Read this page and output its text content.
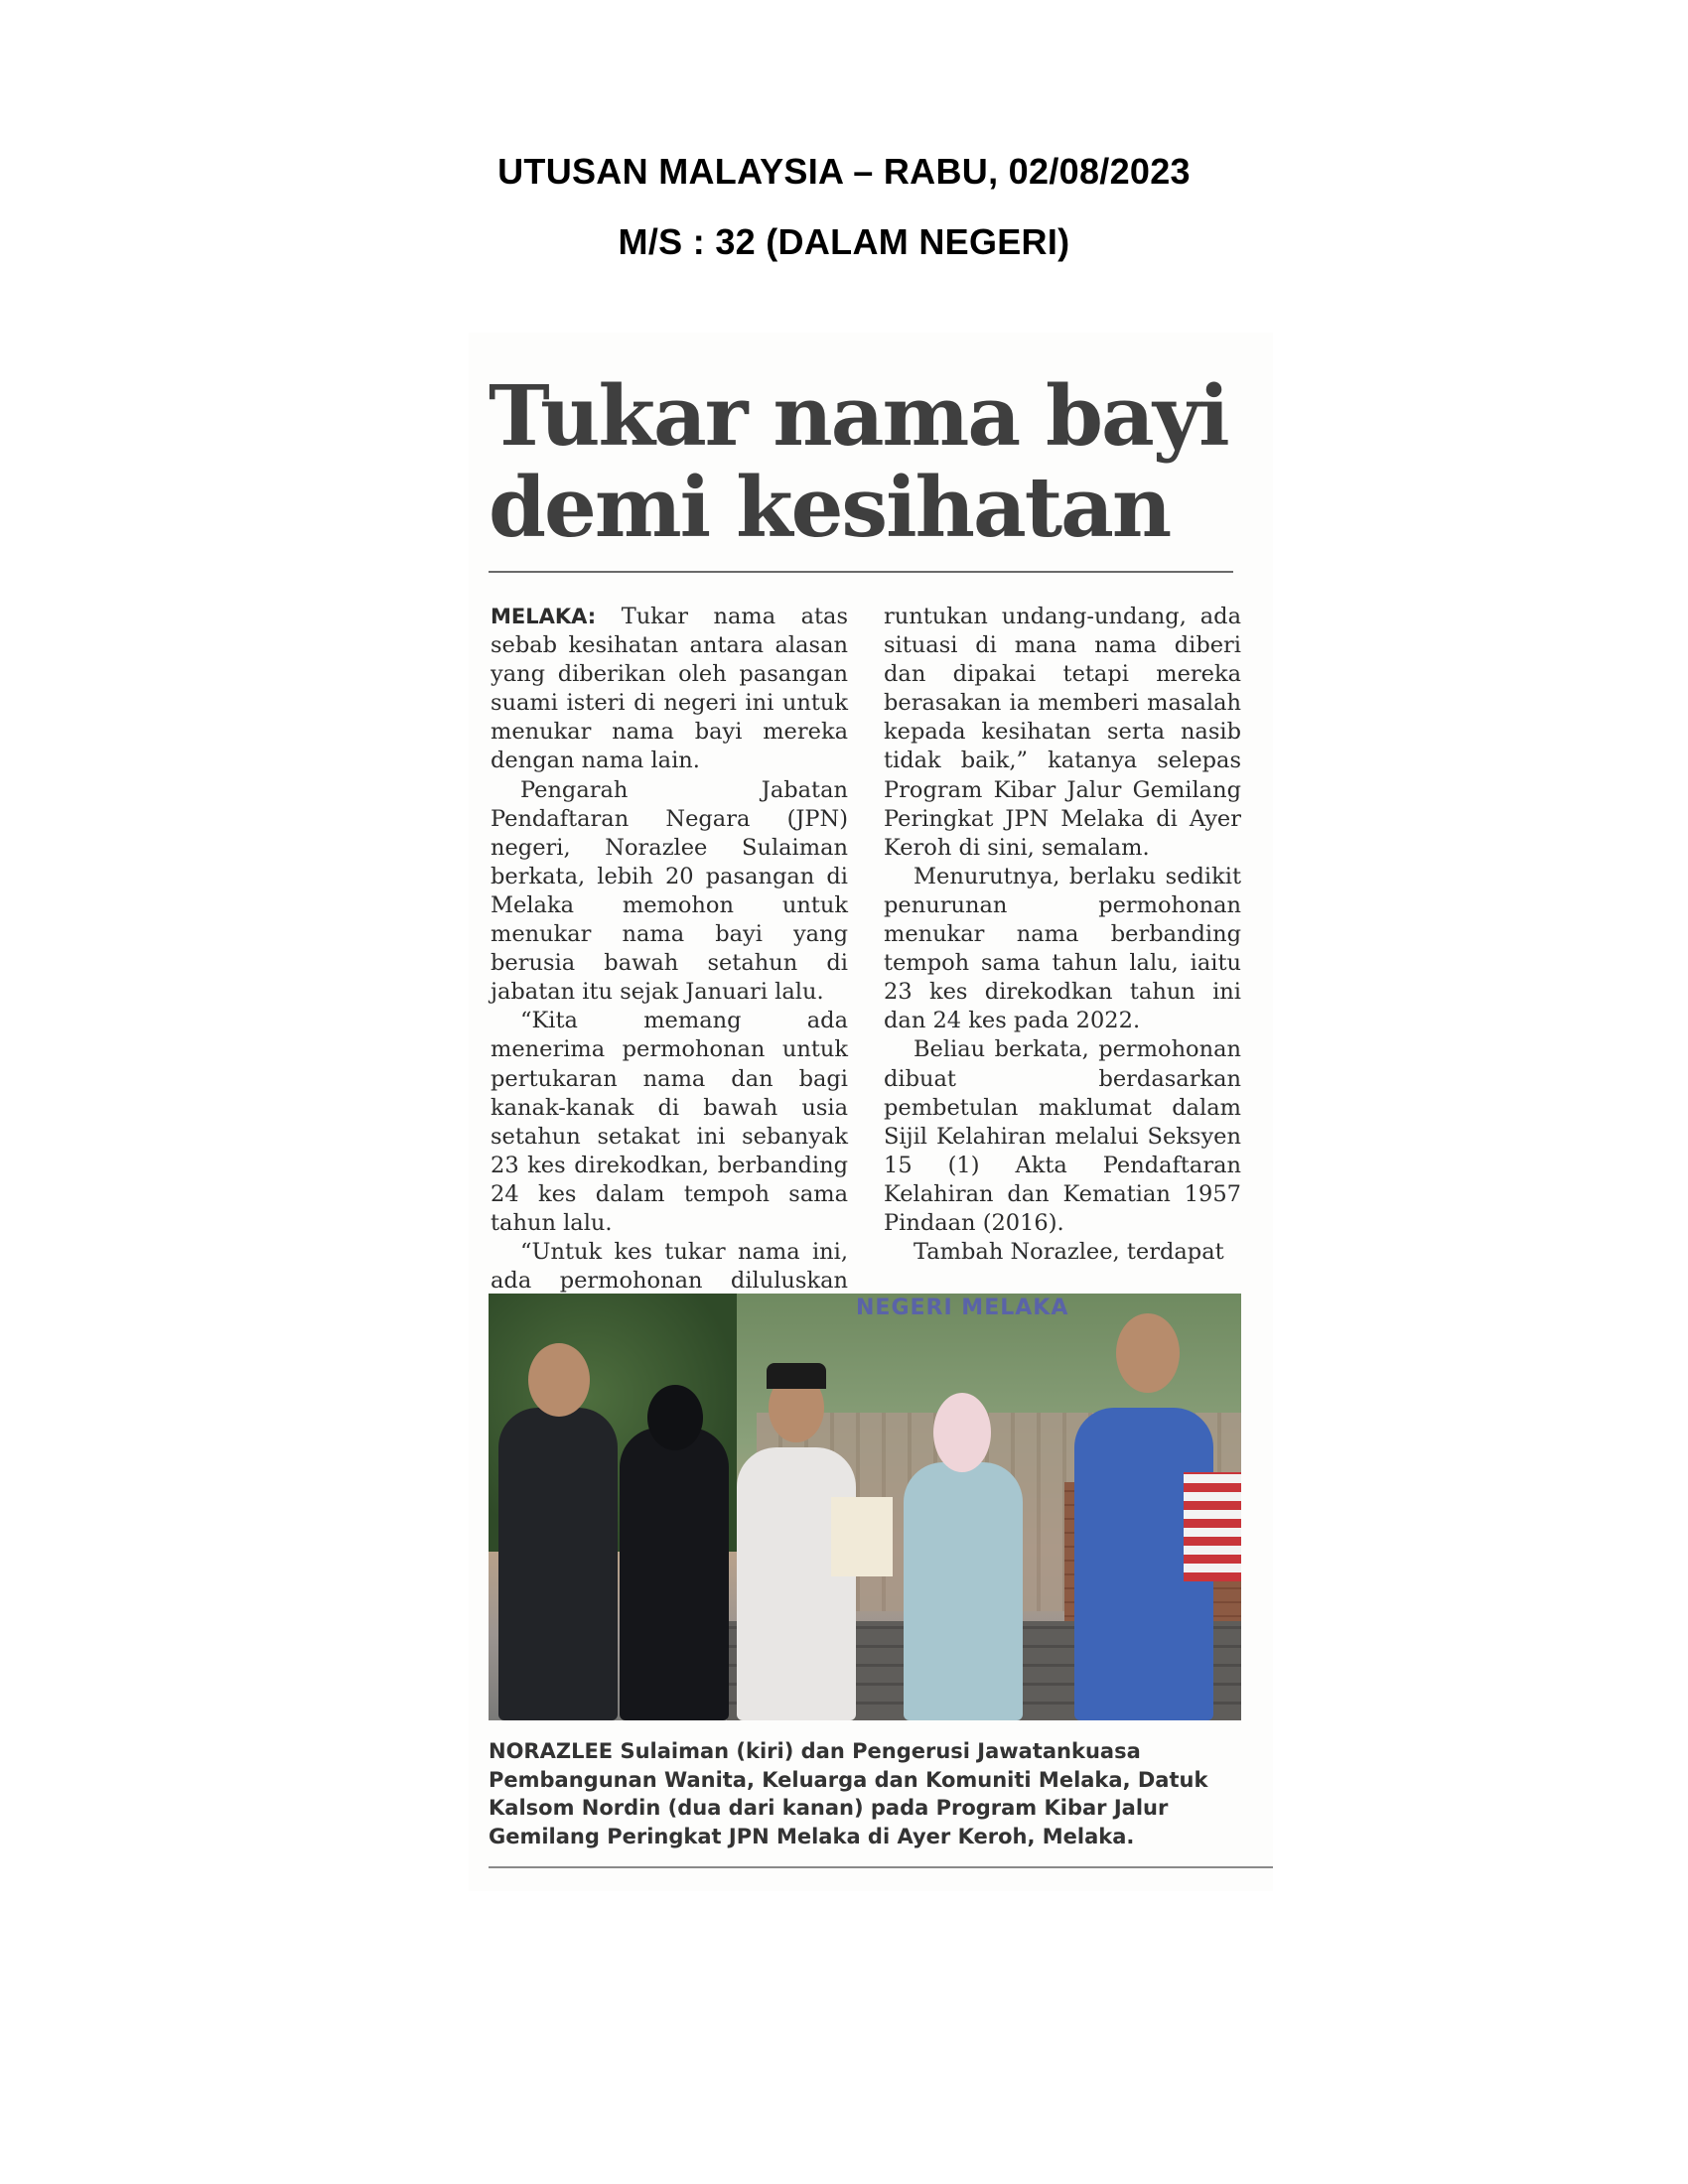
UTUSAN MALAYSIA – RABU, 02/08/2023
M/S : 32 (DALAM NEGERI)
Tukar nama bayi demi kesihatan

MELAKA: Tukar nama atas sebab kesihatan antara alasan yang diberikan oleh pasangan suami isteri di negeri ini untuk menukar nama bayi mereka dengan nama lain.

Pengarah Jabatan Pendaftaran Negara (JPN) negeri, Norazlee Sulaiman berkata, lebih 20 pasangan di Melaka memohon untuk menukar nama bayi yang berusia bawah setahun di jabatan itu sejak Januari lalu.

“Kita memang ada menerima permohonan untuk pertukaran nama dan bagi kanak-kanak di bawah usia setahun setakat ini sebanyak 23 kes direkodkan, berbanding 24 kes dalam tempoh sama tahun lalu.

“Untuk kes tukar nama ini, ada permohonan diluluskan

runtukan undang-undang, ada situasi di mana nama diberi dan dipakai tetapi mereka berasakan ia memberi masalah kepada kesihatan serta nasib tidak baik,” katanya selepas Program Kibar Jalur Gemilang Peringkat JPN Melaka di Ayer Keroh di sini, semalam.

Menurutnya, berlaku sedikit penurunan permohonan menukar nama berbanding tempoh sama tahun lalu, iaitu 23 kes direkodkan tahun ini dan 24 kes pada 2022.

Beliau berkata, permohonan dibuat berdasarkan pembetulan maklumat dalam Sijil Kelahiran melalui Seksyen 15 (1) Akta Pendaftaran Kelahiran dan Kematian 1957 Pindaan (2016).

Tambah Norazlee, terdapat

NEGERI MELAKA

NORAZLEE Sulaiman (kiri) dan Pengerusi Jawatankuasa Pembangunan Wanita, Keluarga dan Komuniti Melaka, Datuk Kalsom Nordin (dua dari kanan) pada Program Kibar Jalur Gemilang Peringkat JPN Melaka di Ayer Keroh, Melaka.
